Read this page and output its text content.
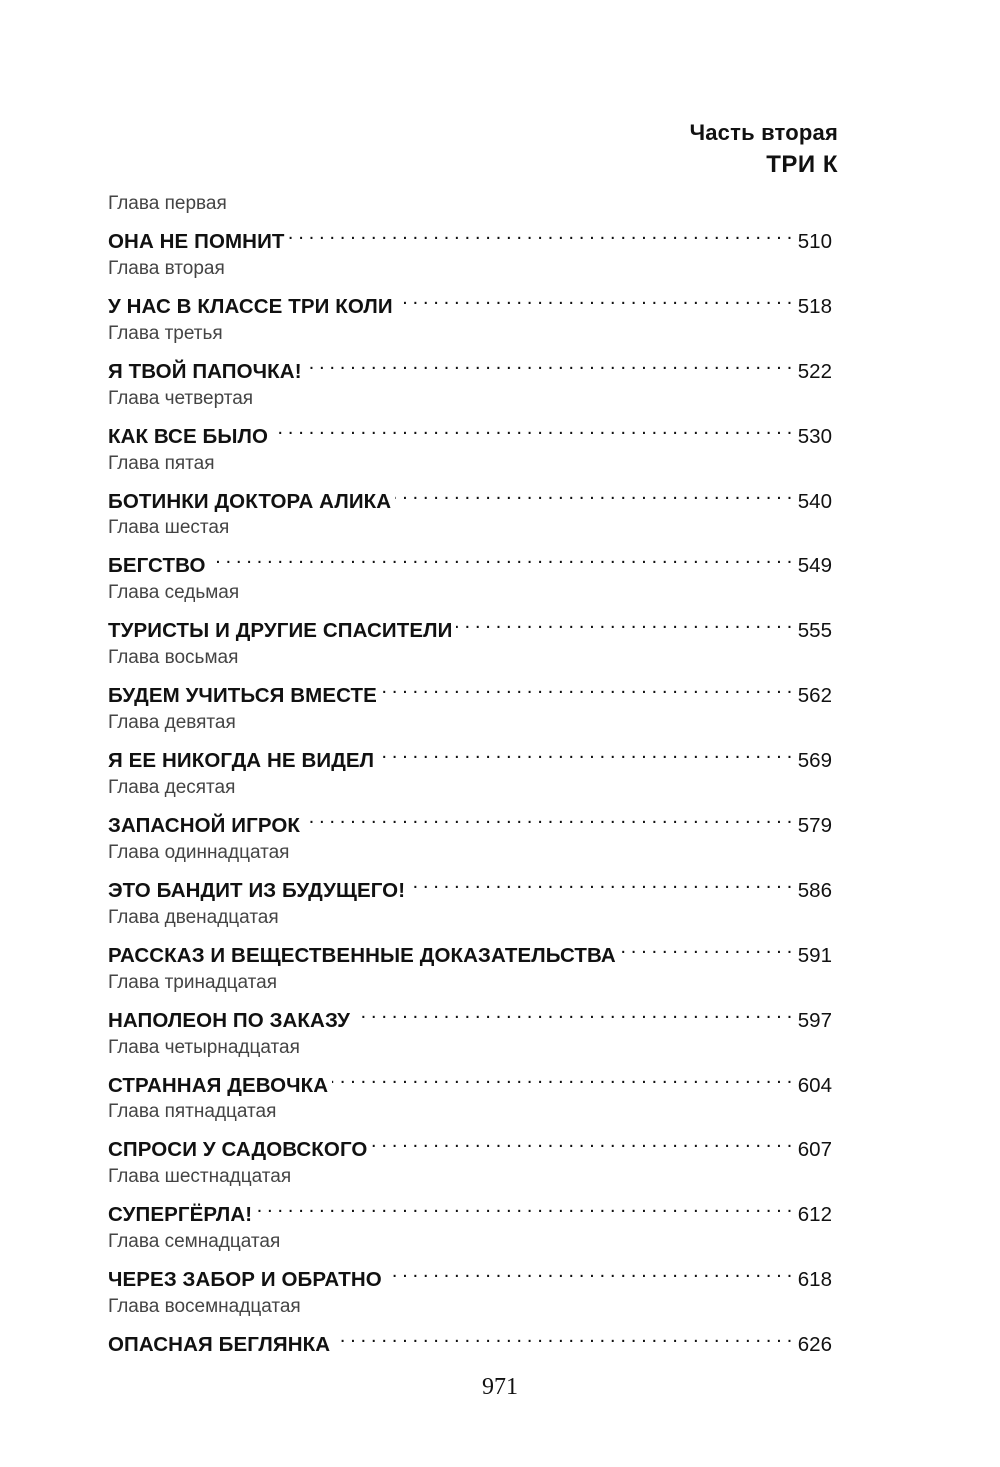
Часть вторая
ТРИ К
Глава первая
ОНА НЕ ПОМНИТ . . .	510
Глава вторая
У НАС В КЛАССЕ ТРИ КОЛИ . . .	518
Глава третья
Я ТВОЙ ПАПОЧКА! . . .	522
Глава четвертая
КАК ВСЕ БЫЛО . . .	530
Глава пятая
БОТИНКИ ДОКТОРА АЛИКА . . .	540
Глава шестая
БЕГСТВО . . .	549
Глава седьмая
ТУРИСТЫ И ДРУГИЕ СПАСИТЕЛИ . . .	555
Глава восьмая
БУДЕМ УЧИТЬСЯ ВМЕСТЕ . . .	562
Глава девятая
Я ЕЕ НИКОГДА НЕ ВИДЕЛ . . .	569
Глава десятая
ЗАПАСНОЙ ИГРОК . . .	579
Глава одиннадцатая
ЭТО БАНДИТ ИЗ БУДУЩЕГО! . . .	586
Глава двенадцатая
РАССКАЗ И ВЕЩЕСТВЕННЫЕ ДОКАЗАТЕЛЬСТВА . . .	591
Глава тринадцатая
НАПОЛЕОН ПО ЗАКАЗУ . . .	597
Глава четырнадцатая
СТРАННАЯ ДЕВОЧКА . . .	604
Глава пятнадцатая
СПРОСИ У САДОВСКОГО . . .	607
Глава шестнадцатая
СУПЕРГЁРЛА! . . .	612
Глава семнадцатая
ЧЕРЕЗ ЗАБОР И ОБРАТНО . . .	618
Глава восемнадцатая
ОПАСНАЯ БЕГЛЯНКА . . .	626
971
